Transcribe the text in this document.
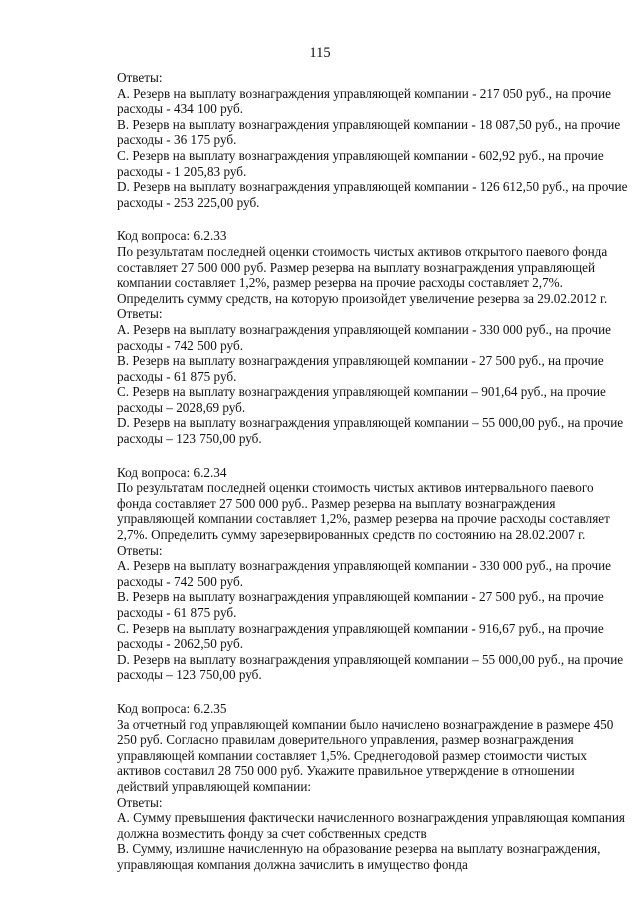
115
Ответы:
A. Резерв на выплату вознаграждения управляющей компании - 217 050 руб., на прочие
расходы - 434 100 руб.
B. Резерв на выплату вознаграждения управляющей компании - 18 087,50 руб., на прочие
расходы - 36 175 руб.
C. Резерв на выплату вознаграждения управляющей компании - 602,92 руб., на прочие
расходы - 1 205,83 руб.
D. Резерв на выплату вознаграждения управляющей компании - 126 612,50 руб., на прочие
расходы - 253 225,00 руб.
Код вопроса: 6.2.33
По результатам последней оценки стоимость чистых активов открытого паевого фонда
составляет 27 500 000 руб. Размер резерва на выплату вознаграждения управляющей
компании составляет 1,2%, размер резерва на прочие расходы составляет 2,7%.
Определить сумму средств, на которую произойдет увеличение резерва за 29.02.2012 г.
Ответы:
A. Резерв на выплату вознаграждения управляющей компании - 330 000 руб., на прочие
расходы - 742 500 руб.
B. Резерв на выплату вознаграждения управляющей компании - 27 500 руб., на прочие
расходы - 61 875 руб.
C. Резерв на выплату вознаграждения управляющей компании – 901,64 руб., на прочие
расходы – 2028,69 руб.
D. Резерв на выплату вознаграждения управляющей компании – 55 000,00 руб., на прочие
расходы – 123 750,00 руб.
Код вопроса: 6.2.34
По результатам последней оценки стоимость чистых активов интервального паевого
фонда составляет 27 500 000 руб.. Размер резерва на выплату вознаграждения
управляющей компании составляет 1,2%, размер резерва на прочие расходы составляет
2,7%. Определить сумму зарезервированных средств по состоянию на 28.02.2007 г.
Ответы:
A. Резерв на выплату вознаграждения управляющей компании - 330 000 руб., на прочие
расходы - 742 500 руб.
B. Резерв на выплату вознаграждения управляющей компании - 27 500 руб., на прочие
расходы - 61 875 руб.
C. Резерв на выплату вознаграждения управляющей компании - 916,67 руб., на прочие
расходы - 2062,50 руб.
D. Резерв на выплату вознаграждения управляющей компании – 55 000,00 руб., на прочие
расходы – 123 750,00 руб.
Код вопроса: 6.2.35
За отчетный год управляющей компании было начислено вознаграждение в размере 450
250 руб. Согласно правилам доверительного управления, размер вознаграждения
управляющей компании составляет 1,5%. Среднегодовой размер стоимости чистых
активов составил 28 750 000 руб. Укажите правильное утверждение в отношении
действий управляющей компании:
Ответы:
A. Сумму превышения фактически начисленного вознаграждения управляющая компания
должна возместить фонду за счет собственных средств
B. Сумму, излишне начисленную на образование резерва на выплату вознаграждения,
управляющая компания должна зачислить в имущество фонда
